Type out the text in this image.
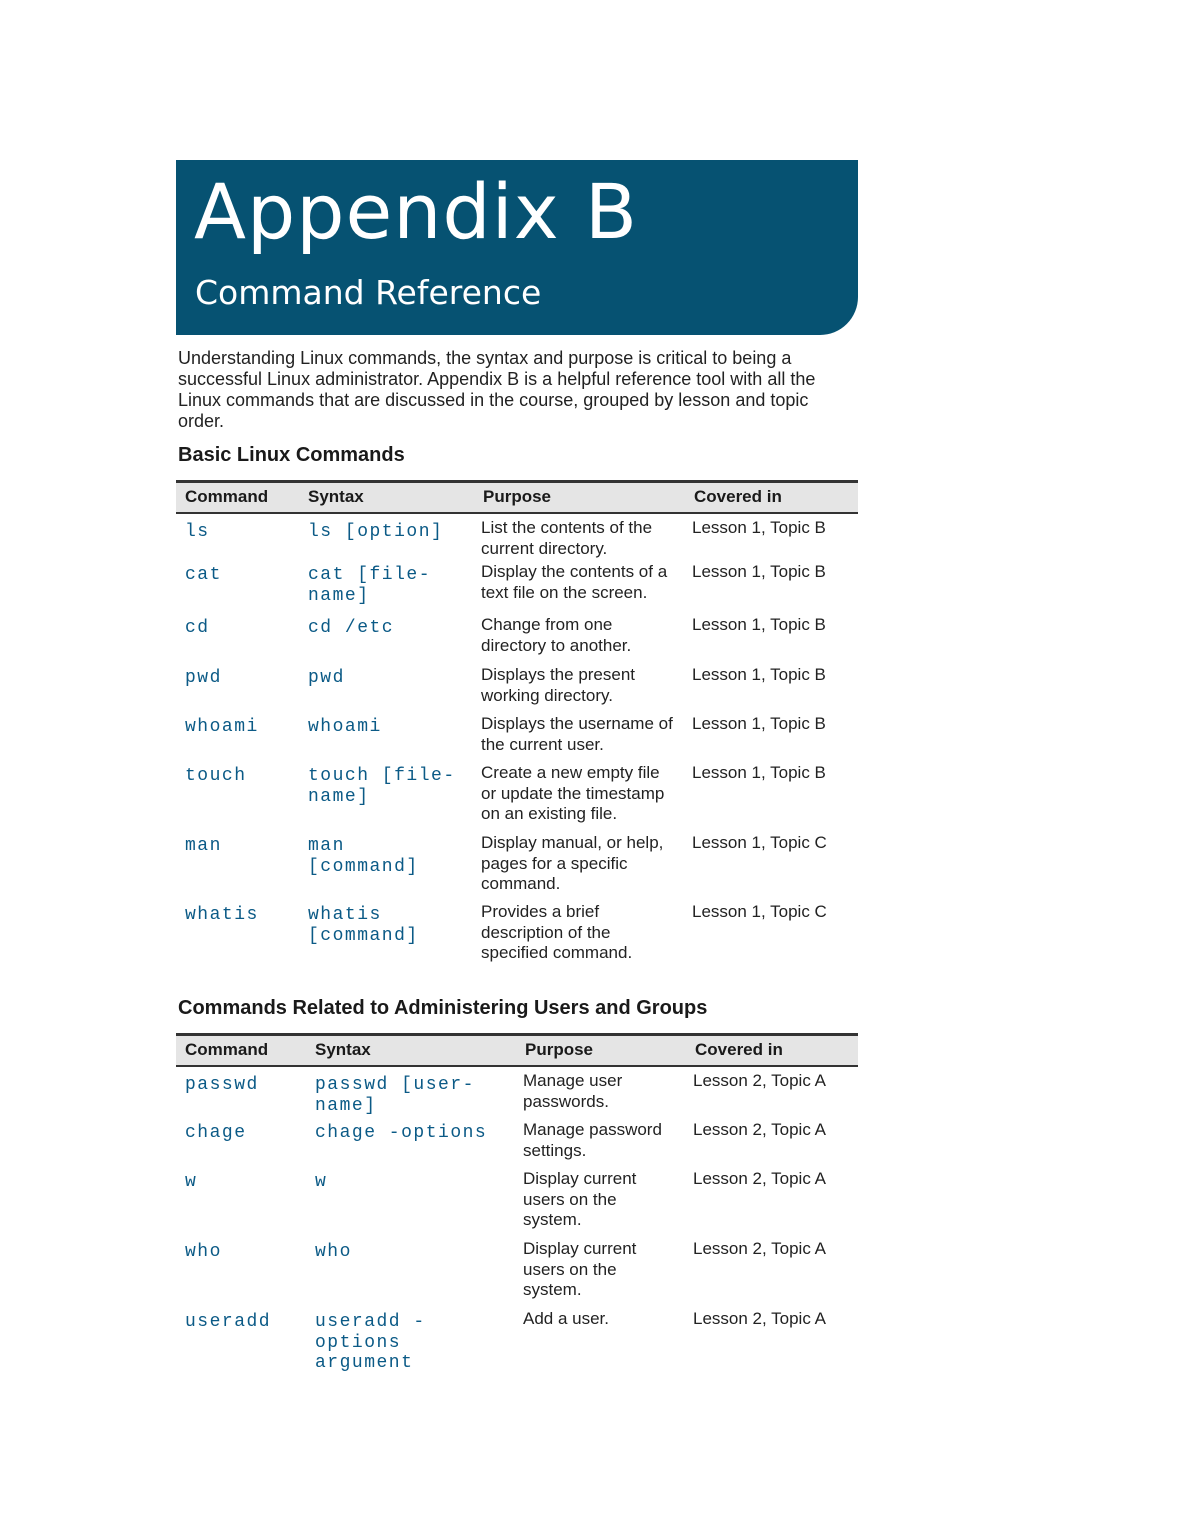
Appendix B
Command Reference
Understanding Linux commands, the syntax and purpose is critical to being a successful Linux administrator. Appendix B is a helpful reference tool with all the Linux commands that are discussed in the course, grouped by lesson and topic order.
Basic Linux Commands
Command	Syntax	Purpose	Covered in
ls	ls [option]	List the contents of the current directory.	Lesson 1, Topic B
cat	cat [file-name]	Display the contents of a text file on the screen.	Lesson 1, Topic B
cd	cd /etc	Change from one directory to another.	Lesson 1, Topic B
pwd	pwd	Displays the present working directory.	Lesson 1, Topic B
whoami	whoami	Displays the username of the current user.	Lesson 1, Topic B
touch	touch [file-name]	Create a new empty file or update the timestamp on an existing file.	Lesson 1, Topic B
man	man [command]	Display manual, or help, pages for a specific command.	Lesson 1, Topic C
whatis	whatis [command]	Provides a brief description of the specified command.	Lesson 1, Topic C
Commands Related to Administering Users and Groups
Command	Syntax	Purpose	Covered in
passwd	passwd [user-name]	Manage user passwords.	Lesson 2, Topic A
chage	chage -options	Manage password settings.	Lesson 2, Topic A
w	w	Display current users on the system.	Lesson 2, Topic A
who	who	Display current users on the system.	Lesson 2, Topic A
useradd	useradd -options argument	Add a user.	Lesson 2, Topic A
